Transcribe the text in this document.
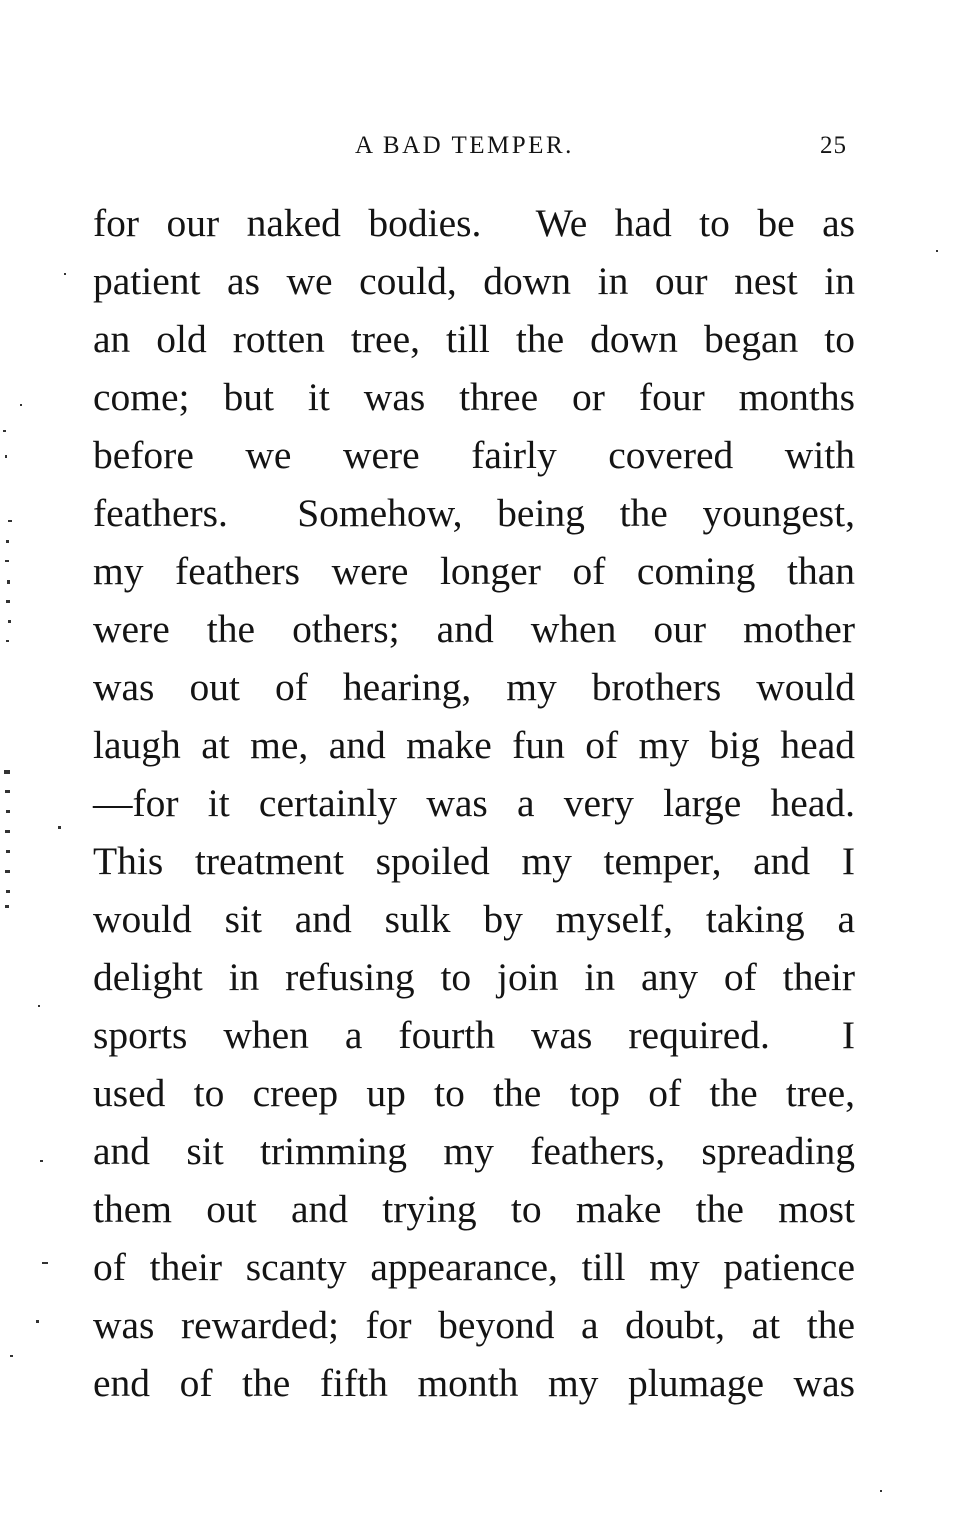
A BAD TEMPER.	25
for our naked bodies.  We had to be as
patient as we could, down in our nest in
an old rotten tree, till the down began to
come; but it was three or four months
before we were fairly covered with
feathers.  Somehow, being the youngest,
my feathers were longer of coming than
were the others; and when our mother
was out of hearing, my brothers would
laugh at me, and make fun of my big head
—for it certainly was a very large head.
This treatment spoiled my temper, and I
would sit and sulk by myself, taking a
delight in refusing to join in any of their
sports when a fourth was required.  I
used to creep up to the top of the tree,
and sit trimming my feathers, spreading
them out and trying to make the most
of their scanty appearance, till my patience
was rewarded; for beyond a doubt, at the
end of the fifth month my plumage was
